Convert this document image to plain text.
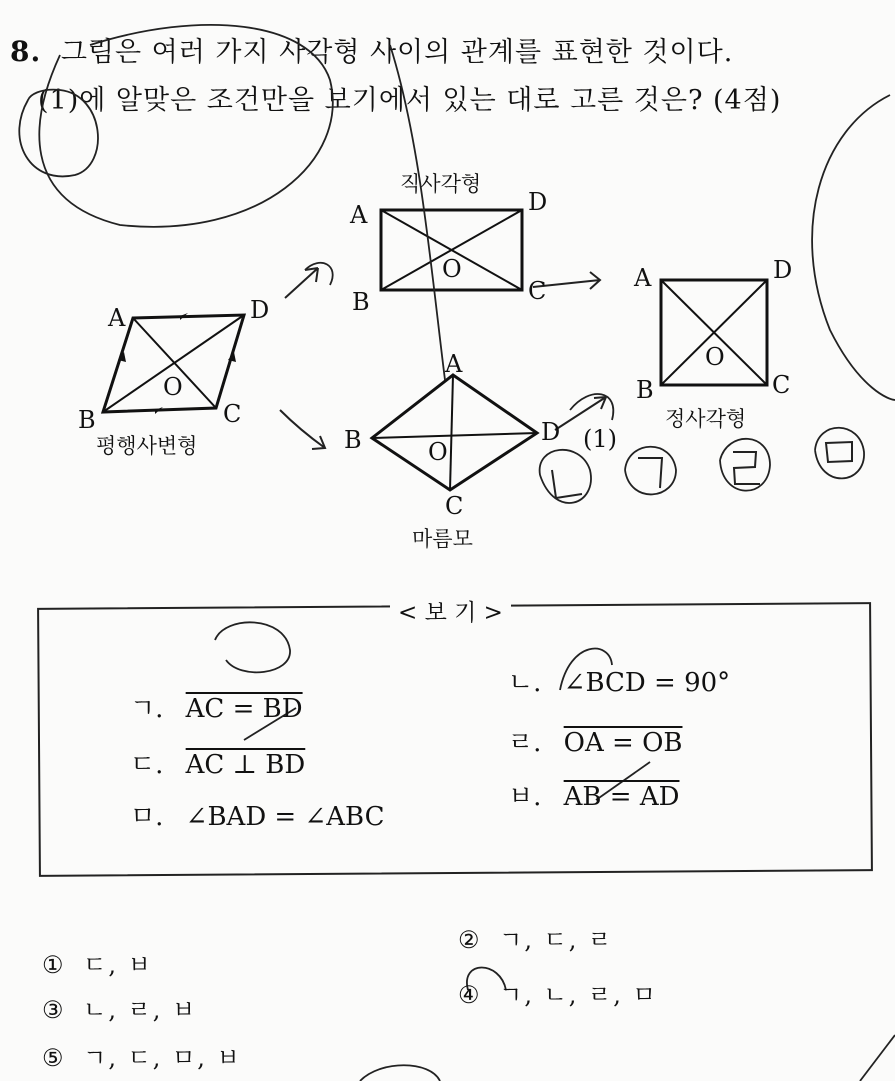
8. 그림은 여러 가지 사각형 사이의 관계를 표현한 것이다.
(1)에 알맞은 조건만을 보기에서 있는 대로 고른 것은? (4점)
A	D
B	C
O
평행사변형
직사각형
A	D
B	C
O
A
B	D
C
O
마름모
(1)
A	D
B	C
O
정사각형
< 보 기 >
ㄱ. AC = BD
ㄴ. ∠BCD = 90°
ㄷ. AC ⊥ BD
ㄹ. OA = OB
ㅁ. ∠BAD = ∠ABC
ㅂ. AB = AD
① ㄷ, ㅂ
② ㄱ, ㄷ, ㄹ
③ ㄴ, ㄹ, ㅂ
④ ㄱ, ㄴ, ㄹ, ㅁ
⑤ ㄱ, ㄷ, ㅁ, ㅂ
